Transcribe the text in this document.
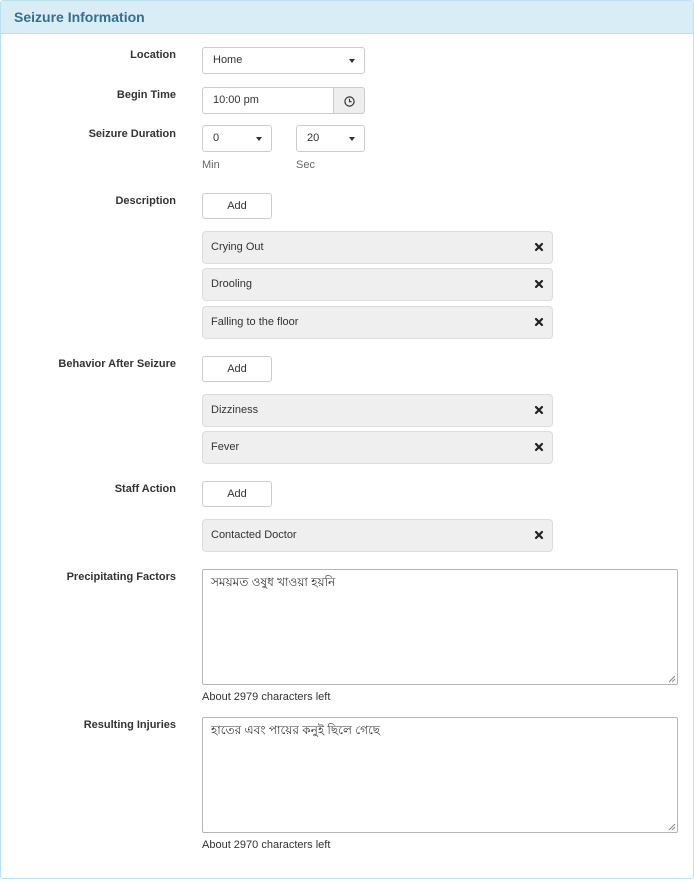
Seizure Information
Location	Home
Begin Time	10:00 pm
Seizure Duration	0	20
Min	Sec
Description	Add
Crying Out
Drooling
Falling to the floor
Behavior After Seizure	Add
Dizziness
Fever
Staff Action	Add
Contacted Doctor
Precipitating Factors	সময়মত ওষুধ খাওয়া হয়নি
About 2979 characters left
Resulting Injuries	হাতের এবং পায়ের কনুই ছিলে গেছে
About 2970 characters left
